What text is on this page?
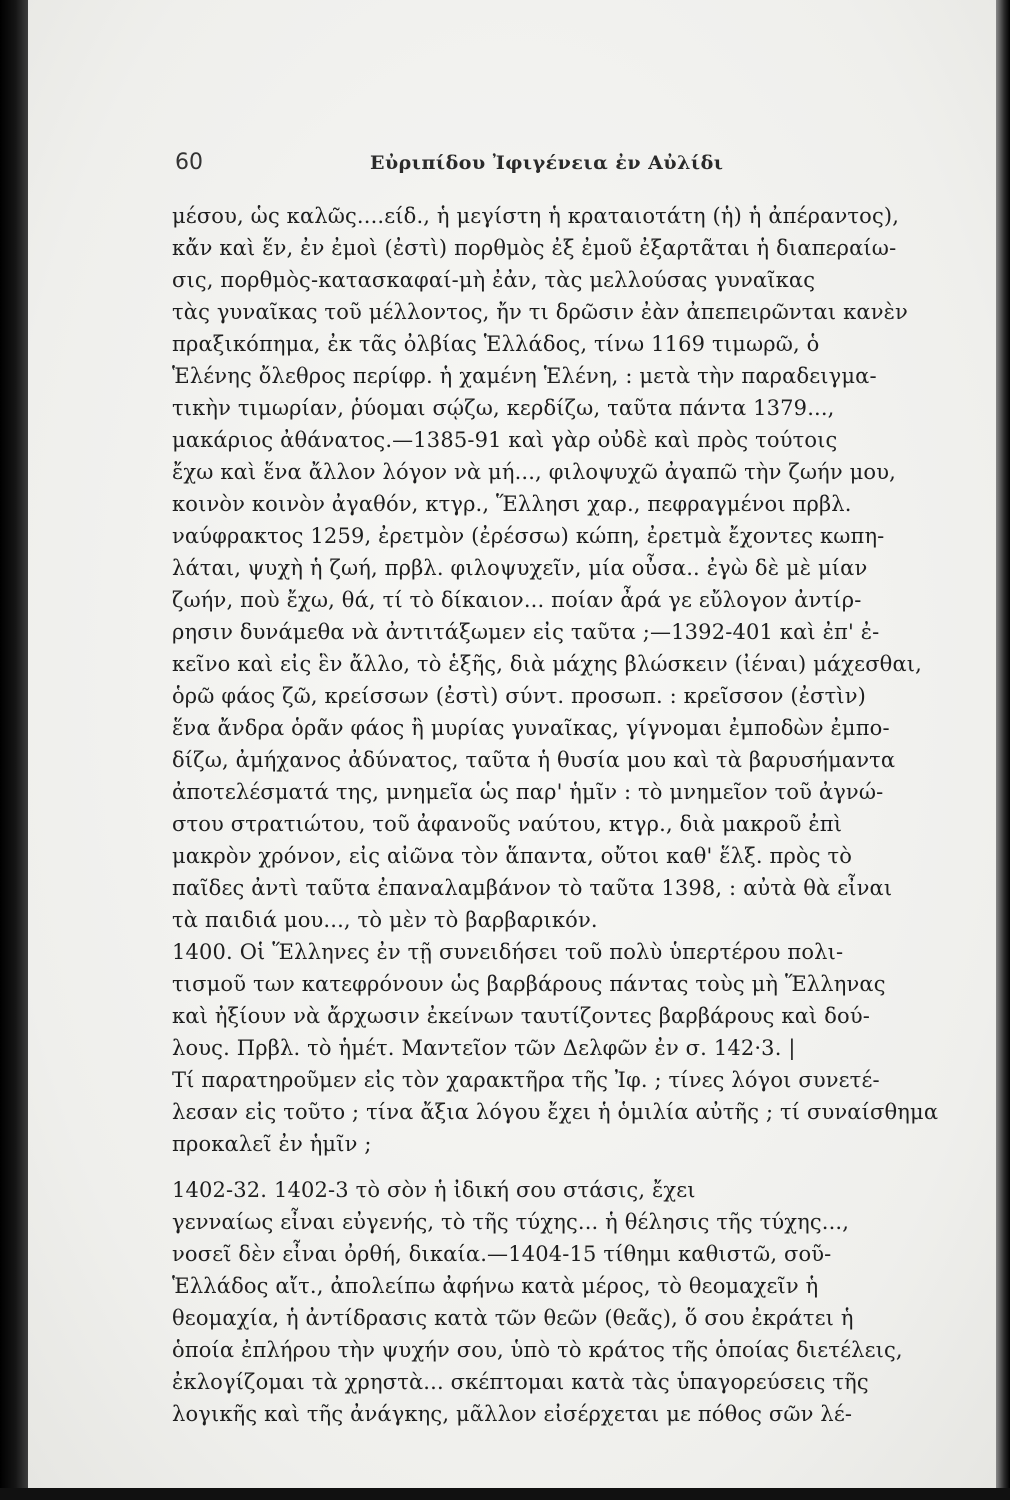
60	Εὐριπίδου Ἰφιγένεια ἐν Αὐλίδι
μέσου, ὡς καλῶς....είδ., ἡ μεγίστη ἡ κραταιοτάτη (ἡ) ἡ ἀπέραντος),
κἄν καὶ ἕν, ἐν ἐμοὶ (ἐστὶ) πορθμὸς ἐξ ἐμοῦ ἐξαρτᾶται ἡ διαπεραίω-
σις, πορθμὸς-κατασκαφαί-μὴ ἐἀν, τὰς μελλούσας γυναῖκας
τὰς γυναῖκας τοῦ μέλλοντος, ἤν τι δρῶσιν ἐὰν ἀπεπειρῶνται κανὲν
πραξικόπημα, ἐκ τᾶς ὀλβίας Ἑλλάδος, τίνω 1169 τιμωρῶ, ὁ
Ἑλένης ὄλεθρος περίφρ. ἡ χαμένη Ἑλένη, : μετὰ τὴν παραδειγμα-
τικὴν τιμωρίαν, ῥύομαι σῴζω, κερδίζω, ταῦτα πάντα 1379...,
μακάριος ἀθάνατος.—1385-91 καὶ γὰρ οὐδὲ καὶ πρὸς τούτοις
ἔχω καὶ ἕνα ἄλλον λόγον νὰ μή..., φιλοψυχῶ ἀγαπῶ τὴν ζωήν μου,
κοινὸν κοινὸν ἀγαθόν, κτγρ., Ἕλλησι χαρ., πεφραγμένοι πρβλ.
ναύφρακτος 1259, ἐρετμὸν (ἐρέσσω) κώπη, ἐρετμὰ ἔχοντες κωπη-
λάται, ψυχὴ ἡ ζωή, πρβλ. φιλοψυχεῖν, μία οὖσα.. ἐγὼ δὲ μὲ μίαν
ζωήν, ποὺ ἔχω, θά, τί τὸ δίκαιον... ποίαν ἆρά γε εὔλογον ἀντίρ-
ρησιν δυνάμεθα νὰ ἀντιτάξωμεν εἰς ταῦτα ;—1392-401 καὶ ἐπ' ἐ-
κεῖνο καὶ εἰς ἓν ἄλλο, τὸ ἑξῆς, διὰ μάχης βλώσκειν (ἰέναι) μάχεσθαι,
ὁρῶ φάος ζῶ, κρείσσων (ἐστὶ) σύντ. προσωπ. : κρεῖσσον (ἐστὶν)
ἕνα ἄνδρα ὁρᾶν φάος ἢ μυρίας γυναῖκας, γίγνομαι ἐμποδὼν ἐμπο-
δίζω, ἀμήχανος ἀδύνατος, ταῦτα ἡ θυσία μου καὶ τὰ βαρυσήμαντα
ἀποτελέσματά της, μνημεῖα ὡς παρ' ἡμῖν : τὸ μνημεῖον τοῦ ἀγνώ-
στου στρατιώτου, τοῦ ἀφανοῦς ναύτου, κτγρ., διὰ μακροῦ ἐπὶ
μακρὸν χρόνον, εἰς αἰῶνα τὸν ἅπαντα, οὔτοι καθ' ἕλξ. πρὸς τὸ
παῖδες ἀντὶ ταῦτα ἐπαναλαμβάνον τὸ ταῦτα 1398, : αὐτὰ θὰ εἶναι
τὰ παιδιά μου..., τὸ μὲν τὸ βαρβαρικόν.
1400. Οἱ Ἕλληνες ἐν τῇ συνειδήσει τοῦ πολὺ ὑπερτέρου πολι-
τισμοῦ των κατεφρόνουν ὡς βαρβάρους πάντας τοὺς μὴ Ἕλληνας
καὶ ἠξίουν νὰ ἄρχωσιν ἐκείνων ταυτίζοντες βαρβάρους καὶ δού-
λους. Πρβλ. τὸ ἡμέτ. Μαντεῖον τῶν Δελφῶν ἐν σ. 142·3. |
Τί παρατηροῦμεν εἰς τὸν χαρακτῆρα τῆς Ἰφ. ; τίνες λόγοι συνετέ-
λεσαν εἰς τοῦτο ; τίνα ἄξια λόγου ἔχει ἡ ὁμιλία αὐτῆς ; τί συναίσθημα
προκαλεῖ ἐν ἡμῖν ;
1402-32. 1402-3 τὸ σὸν ἡ ἰδική σου στάσις, ἔχει
γενναίως εἶναι εὐγενής, τὸ τῆς τύχης... ἡ θέλησις τῆς τύχης...,
νοσεῖ δὲν εἶναι ὀρθή, δικαία.—1404-15 τίθημι καθιστῶ, σοῦ-
Ἑλλάδος αἴτ., ἀπολείπω ἀφήνω κατὰ μέρος, τὸ θεομαχεῖν ἡ
θεομαχία, ἡ ἀντίδρασις κατὰ τῶν θεῶν (θεᾶς), ὅ σου ἐκράτει ἡ
ὁποία ἐπλήρου τὴν ψυχήν σου, ὑπὸ τὸ κράτος τῆς ὁποίας διετέλεις,
ἐκλογίζομαι τὰ χρηστὰ... σκέπτομαι κατὰ τὰς ὑπαγορεύσεις τῆς
λογικῆς καὶ τῆς ἀνάγκης, μᾶλλον εἰσέρχεται με πόθος σῶν λέ-
